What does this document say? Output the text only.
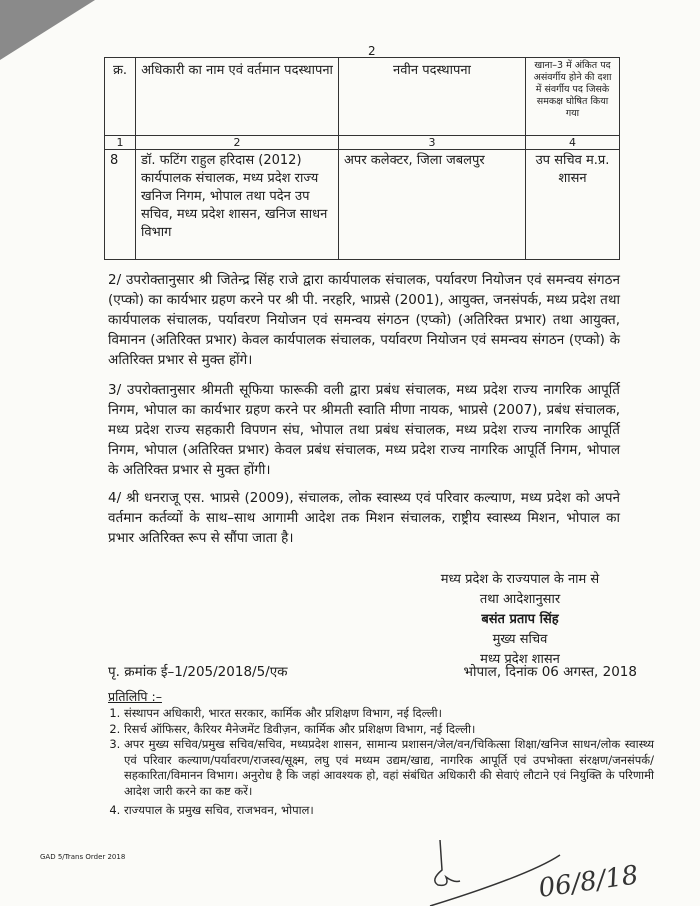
2
क्र.	अधिकारी का नाम एवं वर्तमान पदस्थापना	नवीन पदस्थापना	खाना–3 में अंकित पद असंवर्गीय होने की दशा में संवर्गीय पद जिसके समकक्ष घोषित किया गया
1	2	3	4
8	डॉ. फटिंग राहुल हरिदास (2012) कार्यपालक संचालक, मध्य प्रदेश राज्य खनिज निगम, भोपाल तथा पदेन उप सचिव, मध्य प्रदेश शासन, खनिज साधन विभाग	अपर कलेक्टर, जिला जबलपुर	उप सचिव म.प्र. शासन

2/ उपरोक्तानुसार श्री जितेन्द्र सिंह राजे द्वारा कार्यपालक संचालक, पर्यावरण नियोजन एवं समन्वय संगठन (एप्को) का कार्यभार ग्रहण करने पर श्री पी. नरहरि, भाप्रसे (2001), आयुक्त, जनसंपर्क, मध्य प्रदेश तथा कार्यपालक संचालक, पर्यावरण नियोजन एवं समन्वय संगठन (एप्को) (अतिरिक्त प्रभार) तथा आयुक्त, विमानन (अतिरिक्त प्रभार) केवल कार्यपालक संचालक, पर्यावरण नियोजन एवं समन्वय संगठन (एप्को) के अतिरिक्त प्रभार से मुक्त होंगे।

3/ उपरोक्तानुसार श्रीमती सूफिया फारूकी वली द्वारा प्रबंध संचालक, मध्य प्रदेश राज्य नागरिक आपूर्ति निगम, भोपाल का कार्यभार ग्रहण करने पर श्रीमती स्वाति मीणा नायक, भाप्रसे (2007), प्रबंध संचालक, मध्य प्रदेश राज्य सहकारी विपणन संघ, भोपाल तथा प्रबंध संचालक, मध्य प्रदेश राज्य नागरिक आपूर्ति निगम, भोपाल (अतिरिक्त प्रभार) केवल प्रबंध संचालक, मध्य प्रदेश राज्य नागरिक आपूर्ति निगम, भोपाल के अतिरिक्त प्रभार से मुक्त होंगी।

4/ श्री धनराजू एस. भाप्रसे (2009), संचालक, लोक स्वास्थ्य एवं परिवार कल्याण, मध्य प्रदेश को अपने वर्तमान कर्तव्यों के साथ–साथ आगामी आदेश तक मिशन संचालक, राष्ट्रीय स्वास्थ्य मिशन, भोपाल का प्रभार अतिरिक्त रूप से सौंपा जाता है।

मध्य प्रदेश के राज्यपाल के नाम से
तथा आदेशानुसार
बसंत प्रताप सिंह
मुख्य सचिव
मध्य प्रदेश शासन
पृ. क्रमांक ई–1/205/2018/5/एक	भोपाल, दिनांक 06 अगस्त, 2018
प्रतिलिपि :–
1. संस्थापन अधिकारी, भारत सरकार, कार्मिक और प्रशिक्षण विभाग, नई दिल्ली।
2. रिसर्च ऑफिसर, कैरियर मैनेजमेंट डिवीज़न, कार्मिक और प्रशिक्षण विभाग, नई दिल्ली।
3. अपर मुख्य सचिव/प्रमुख सचिव/सचिव, मध्यप्रदेश शासन, सामान्य प्रशासन/जेल/वन/चिकित्सा शिक्षा/खनिज साधन/लोक स्वास्थ्य एवं परिवार कल्याण/पर्यावरण/राजस्व/सूक्ष्म, लघु एवं मध्यम उद्यम/खाद्य, नागरिक आपूर्ति एवं उपभोक्ता संरक्षण/जनसंपर्क/सहकारिता/विमानन विभाग। अनुरोध है कि जहां आवश्यक हो, वहां संबंधित अधिकारी की सेवाएं लौटाने एवं नियुक्ति के परिणामी आदेश जारी करने का कष्ट करें।
4. राज्यपाल के प्रमुख सचिव, राजभवन, भोपाल।
GAD 5/Trans Order 2018
06/8/18
